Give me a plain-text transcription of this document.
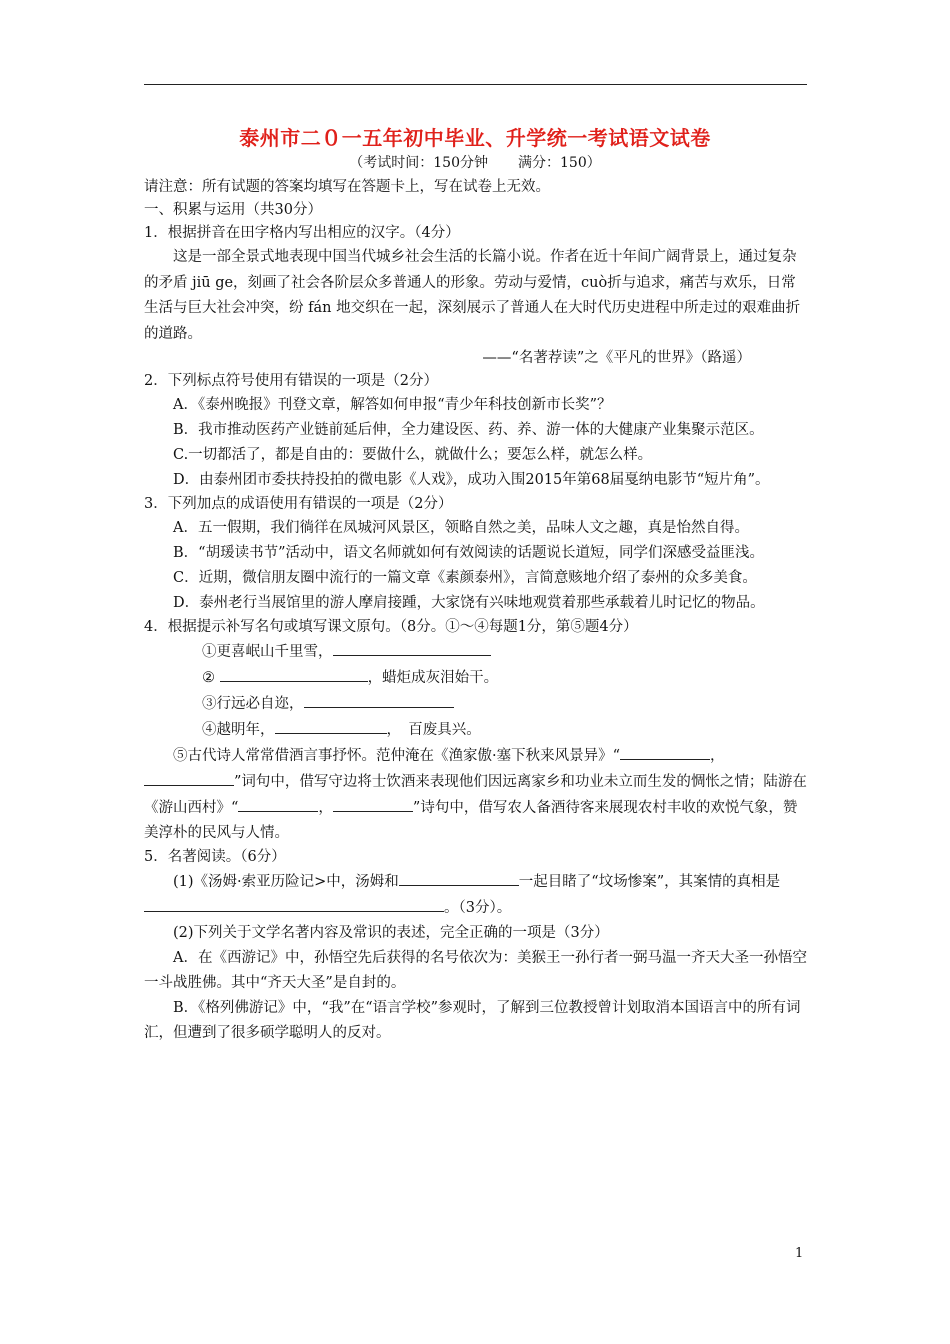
泰州市二０一五年初中毕业、升学统一考试语文试卷
（考试时间：150分钟 满分：150）

请注意：所有试题的答案均填写在答题卡上，写在试卷上无效。

一、积累与运用（共30分）

1．根据拼音在田字格内写出相应的汉字。（4分）

这是一部全景式地表现中国当代城乡社会生活的长篇小说。作者在近十年间广阔背景上，通过复杂的矛盾 jiū ge，刻画了社会各阶层众多普通人的形象。劳动与爱情，cuò折与追求，痛苦与欢乐，日常生活与巨大社会冲突，纷 fán 地交织在一起，深刻展示了普通人在大时代历史进程中所走过的艰难曲折的道路。

——“名著荐读”之《平凡的世界》（路遥）

2．下列标点符号使用有错误的一项是（2分）

A．《泰州晚报》刊登文章，解答如何申报“青少年科技创新市长奖”？

B．我市推动医药产业链前延后伸，全力建设医、药、养、游一体的大健康产业集聚示范区。

C.一切都活了，都是自由的：要做什么，就做什么；要怎么样，就怎么样。

D．由泰州团市委扶持投拍的微电影《人戏》，成功入围2015年第68届戛纳电影节“短片角”。

3．下列加点的成语使用有错误的一项是（2分）

A．五一假期，我们徜徉在凤城河风景区，领略自然之美，品味人文之趣，真是怡然自得。

B．“胡瑗读书节”活动中，语文名师就如何有效阅读的话题说长道短，同学们深感受益匪浅。

C．近期，微信朋友圈中流行的一篇文章《素颜泰州》，言简意赅地介绍了泰州的众多美食。

D．泰州老行当展馆里的游人摩肩接踵，大家饶有兴味地观赏着那些承载着儿时记忆的物品。

4．根据提示补写名句或填写课文原句。（8分。①～④每题1分，第⑤题4分）

①更喜岷山千里雪，

②	，蜡炬成灰泪始干。

③行远必自迩，

④越明年，	，　百废具兴。

⑤古代诗人常常借酒言事抒怀。范仲淹在《渔家傲·塞下秋来风景异》“	，”词句中，借写守边将士饮酒来表现他们因远离家乡和功业未立而生发的惆怅之情；陆游在《游山西村》“	，	”诗句中，借写农人备酒待客来展现农村丰收的欢悦气象，赞美淳朴的民风与人情。

5．名著阅读。（6分）

(1)《汤姆·索亚历险记>中，汤姆和	一起目睹了“坟场惨案”，其案情的真相是。（3分）。

(2)下列关于文学名著内容及常识的表述，完全正确的一项是（3分）

A．在《西游记》中，孙悟空先后获得的名号依次为：美猴王一孙行者一弼马温一齐天大圣一孙悟空一斗战胜佛。其中“齐天大圣”是自封的。

B．《格列佛游记》中，“我”在“语言学校”参观时，了解到三位教授曾计划取消本国语言中的所有词汇，但遭到了很多硕学聪明人的反对。

1
